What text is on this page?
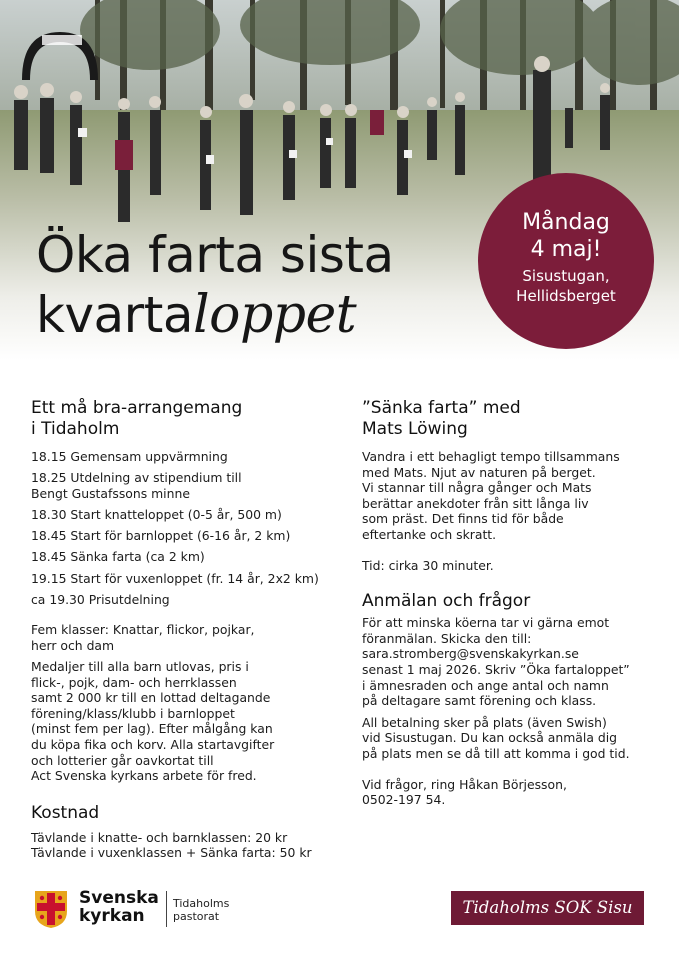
Öka farta sista
kvartaloppet
Måndag
4 maj!
Sisustugan,
Hellidsberget
Ett må bra-arrangemang
i Tidaholm
18.15 Gemensam uppvärmning
18.25 Utdelning av stipendium till
Bengt Gustafssons minne
18.30 Start knatteloppet (0-5 år, 500 m)
18.45 Start för barnloppet (6-16 år, 2 km)
18.45 Sänka farta (ca 2 km)
19.15 Start för vuxenloppet (fr. 14 år, 2x2 km)
ca 19.30 Prisutdelning

Fem klasser: Knattar, flickor, pojkar,
herr och dam

Medaljer till alla barn utlovas, pris i
flick-, pojk, dam- och herrklassen
samt 2 000 kr till en lottad deltagande
förening/klass/klubb i barnloppet
(minst fem per lag). Efter målgång kan
du köpa fika och korv. Alla startavgifter
och lotterier går oavkortat till
Act Svenska kyrkans arbete för fred.

Kostnad

Tävlande i knatte- och barnklassen: 20 kr
Tävlande i vuxenklassen + Sänka farta: 50 kr

”Sänka farta” med
Mats Löwing

Vandra i ett behagligt tempo tillsammans
med Mats. Njut av naturen på berget.
Vi stannar till några gånger och Mats
berättar anekdoter från sitt långa liv
som präst. Det finns tid för både
eftertanke och skratt.

Tid: cirka 30 minuter.

Anmälan och frågor

För att minska köerna tar vi gärna emot
föranmälan. Skicka den till:
sara.stromberg@svenskakyrkan.se
senast 1 maj 2026. Skriv ”Öka fartaloppet”
i ämnesraden och ange antal och namn
på deltagare samt förening och klass.

All betalning sker på plats (även Swish)
vid Sisustugan. Du kan också anmäla dig
på plats men se då till att komma i god tid.

Vid frågor, ring Håkan Börjesson,
0502-197 54.

Svenska
kyrkan
Tidaholms
pastorat	Tidaholms SOK Sisu
